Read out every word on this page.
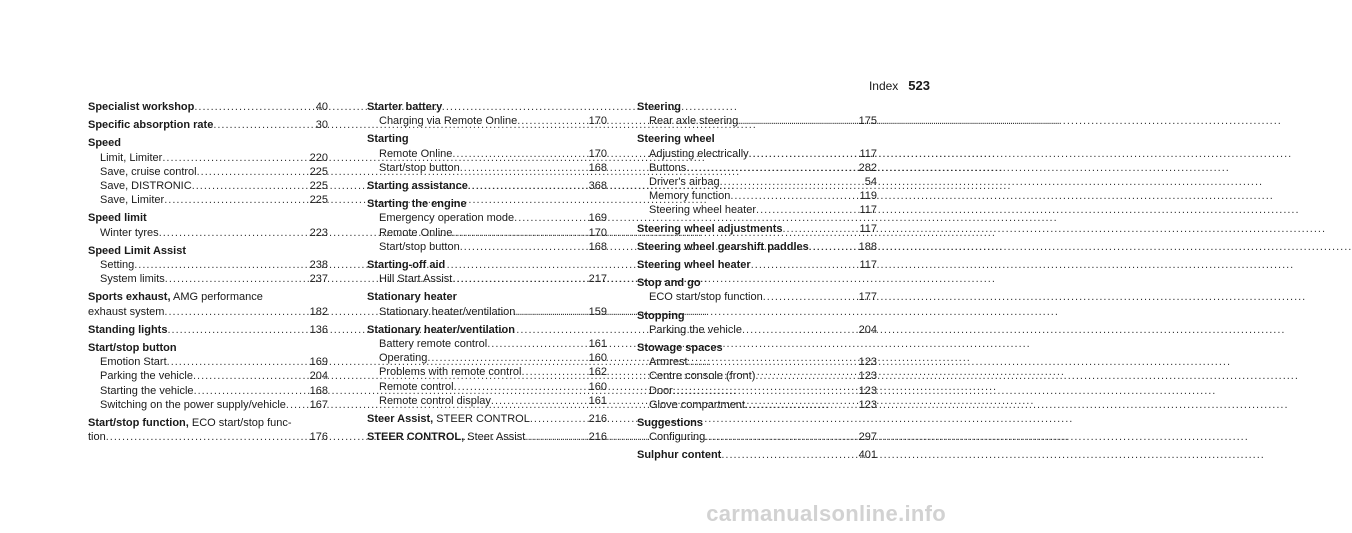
Index 523
Specialist workshop .....	40
Specific absorption rate .....	30
Speed
Limit, Limiter .....	220
Save, cruise control .....	225
Save, DISTRONIC .....	225
Save, Limiter .....	225
Speed limit
Winter tyres .....	223
Speed Limit Assist
Setting .....	238
System limits .....	237
Sports exhaust, AMG performance
exhaust system .....	182
Standing lights .....	136
Start/stop button
Emotion Start .....	169
Parking the vehicle .....	204
Starting the vehicle .....	168
Switching on the power supply/vehicle ..... 167
Start/stop function, ECO start/stop func-
tion .....	176
Starter battery
Charging via Remote Online .....	170
Starting
Remote Online .....	170
Start/stop button .....	168
Starting assistance .....	368
Starting the engine
Emergency operation mode .....	169
Remote Online .....	170
Start/stop button .....	168
Starting-off aid
Hill Start Assist .....	217
Stationary heater
Stationary heater/ventilation .....	159
Stationary heater/ventilation
Battery remote control .....	161
Operating .....	160
Problems with remote control .....	162
Remote control .....	160
Remote control display .....	161
Steer Assist, STEER CONTROL .....	216
STEER CONTROL, Steer Assist .....	216
Steering
Rear axle steering .....	175
Steering wheel
Adjusting electrically .....	117
Buttons .....	282
Driver's airbag .....	54
Memory function .....	119
Steering wheel heater .....	117
Steering wheel adjustments .....	117
Steering wheel gearshift paddles .....	188
Steering wheel heater .....	117
Stop and go
ECO start/stop function .....	177
Stopping
Parking the vehicle .....	204
Stowage spaces
Armrest .....	123
Centre console (front) .....	123
Door .....	123
Glove compartment .....	123
Suggestions
Configuring .....	297
Sulphur content .....	401
carmanualsonline.info
